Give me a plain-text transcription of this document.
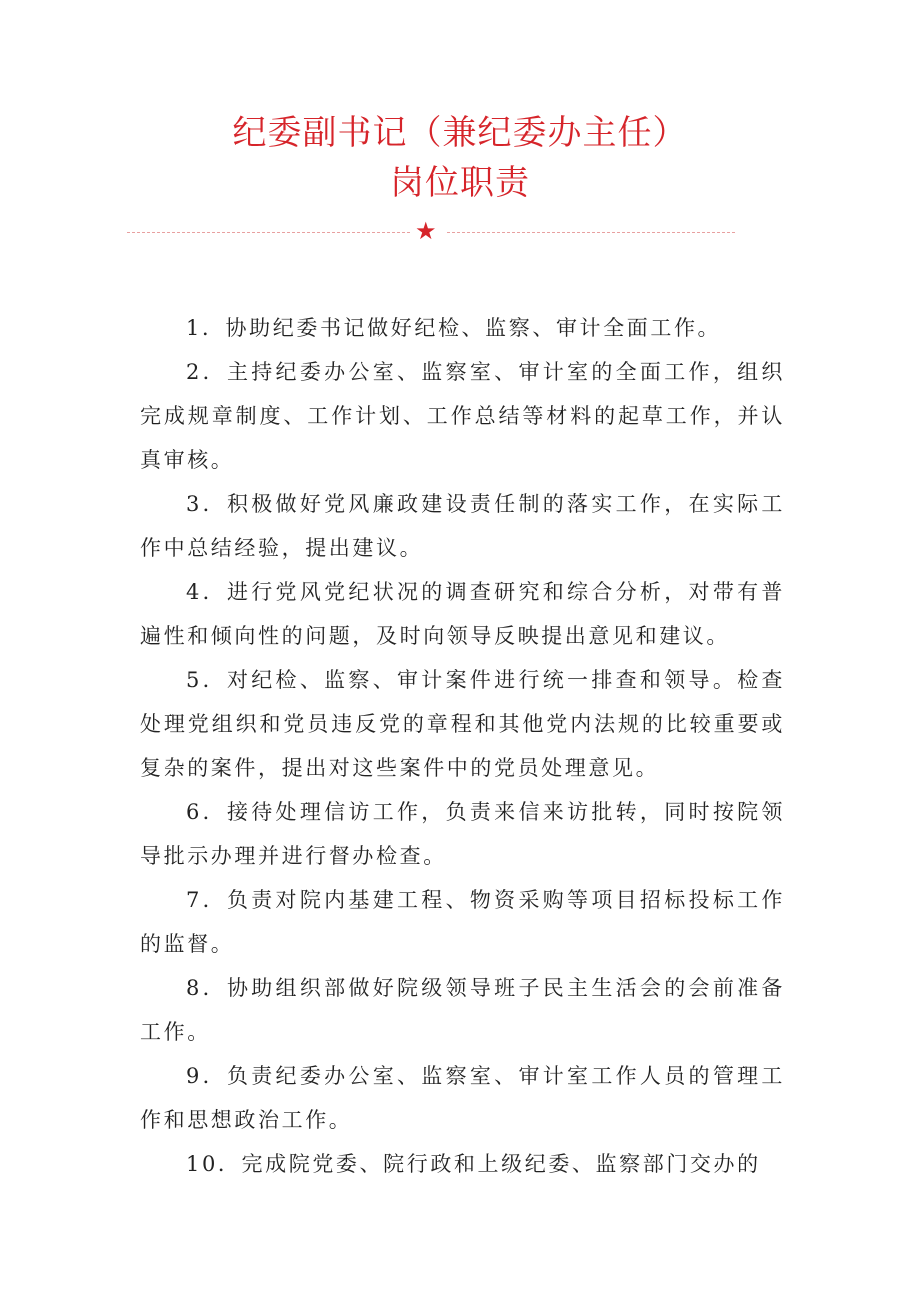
纪委副书记（兼纪委办主任）
岗位职责
★

1．协助纪委书记做好纪检、监察、审计全面工作。

2．主持纪委办公室、监察室、审计室的全面工作，组织完成规章制度、工作计划、工作总结等材料的起草工作，并认真审核。

3．积极做好党风廉政建设责任制的落实工作，在实际工作中总结经验，提出建议。

4．进行党风党纪状况的调查研究和综合分析，对带有普遍性和倾向性的问题，及时向领导反映提出意见和建议。

5．对纪检、监察、审计案件进行统一排查和领导。检查处理党组织和党员违反党的章程和其他党内法规的比较重要或复杂的案件，提出对这些案件中的党员处理意见。

6．接待处理信访工作，负责来信来访批转，同时按院领导批示办理并进行督办检查。

7．负责对院内基建工程、物资采购等项目招标投标工作的监督。

8．协助组织部做好院级领导班子民主生活会的会前准备工作。

9．负责纪委办公室、监察室、审计室工作人员的管理工作和思想政治工作。

10．完成院党委、院行政和上级纪委、监察部门交办的
